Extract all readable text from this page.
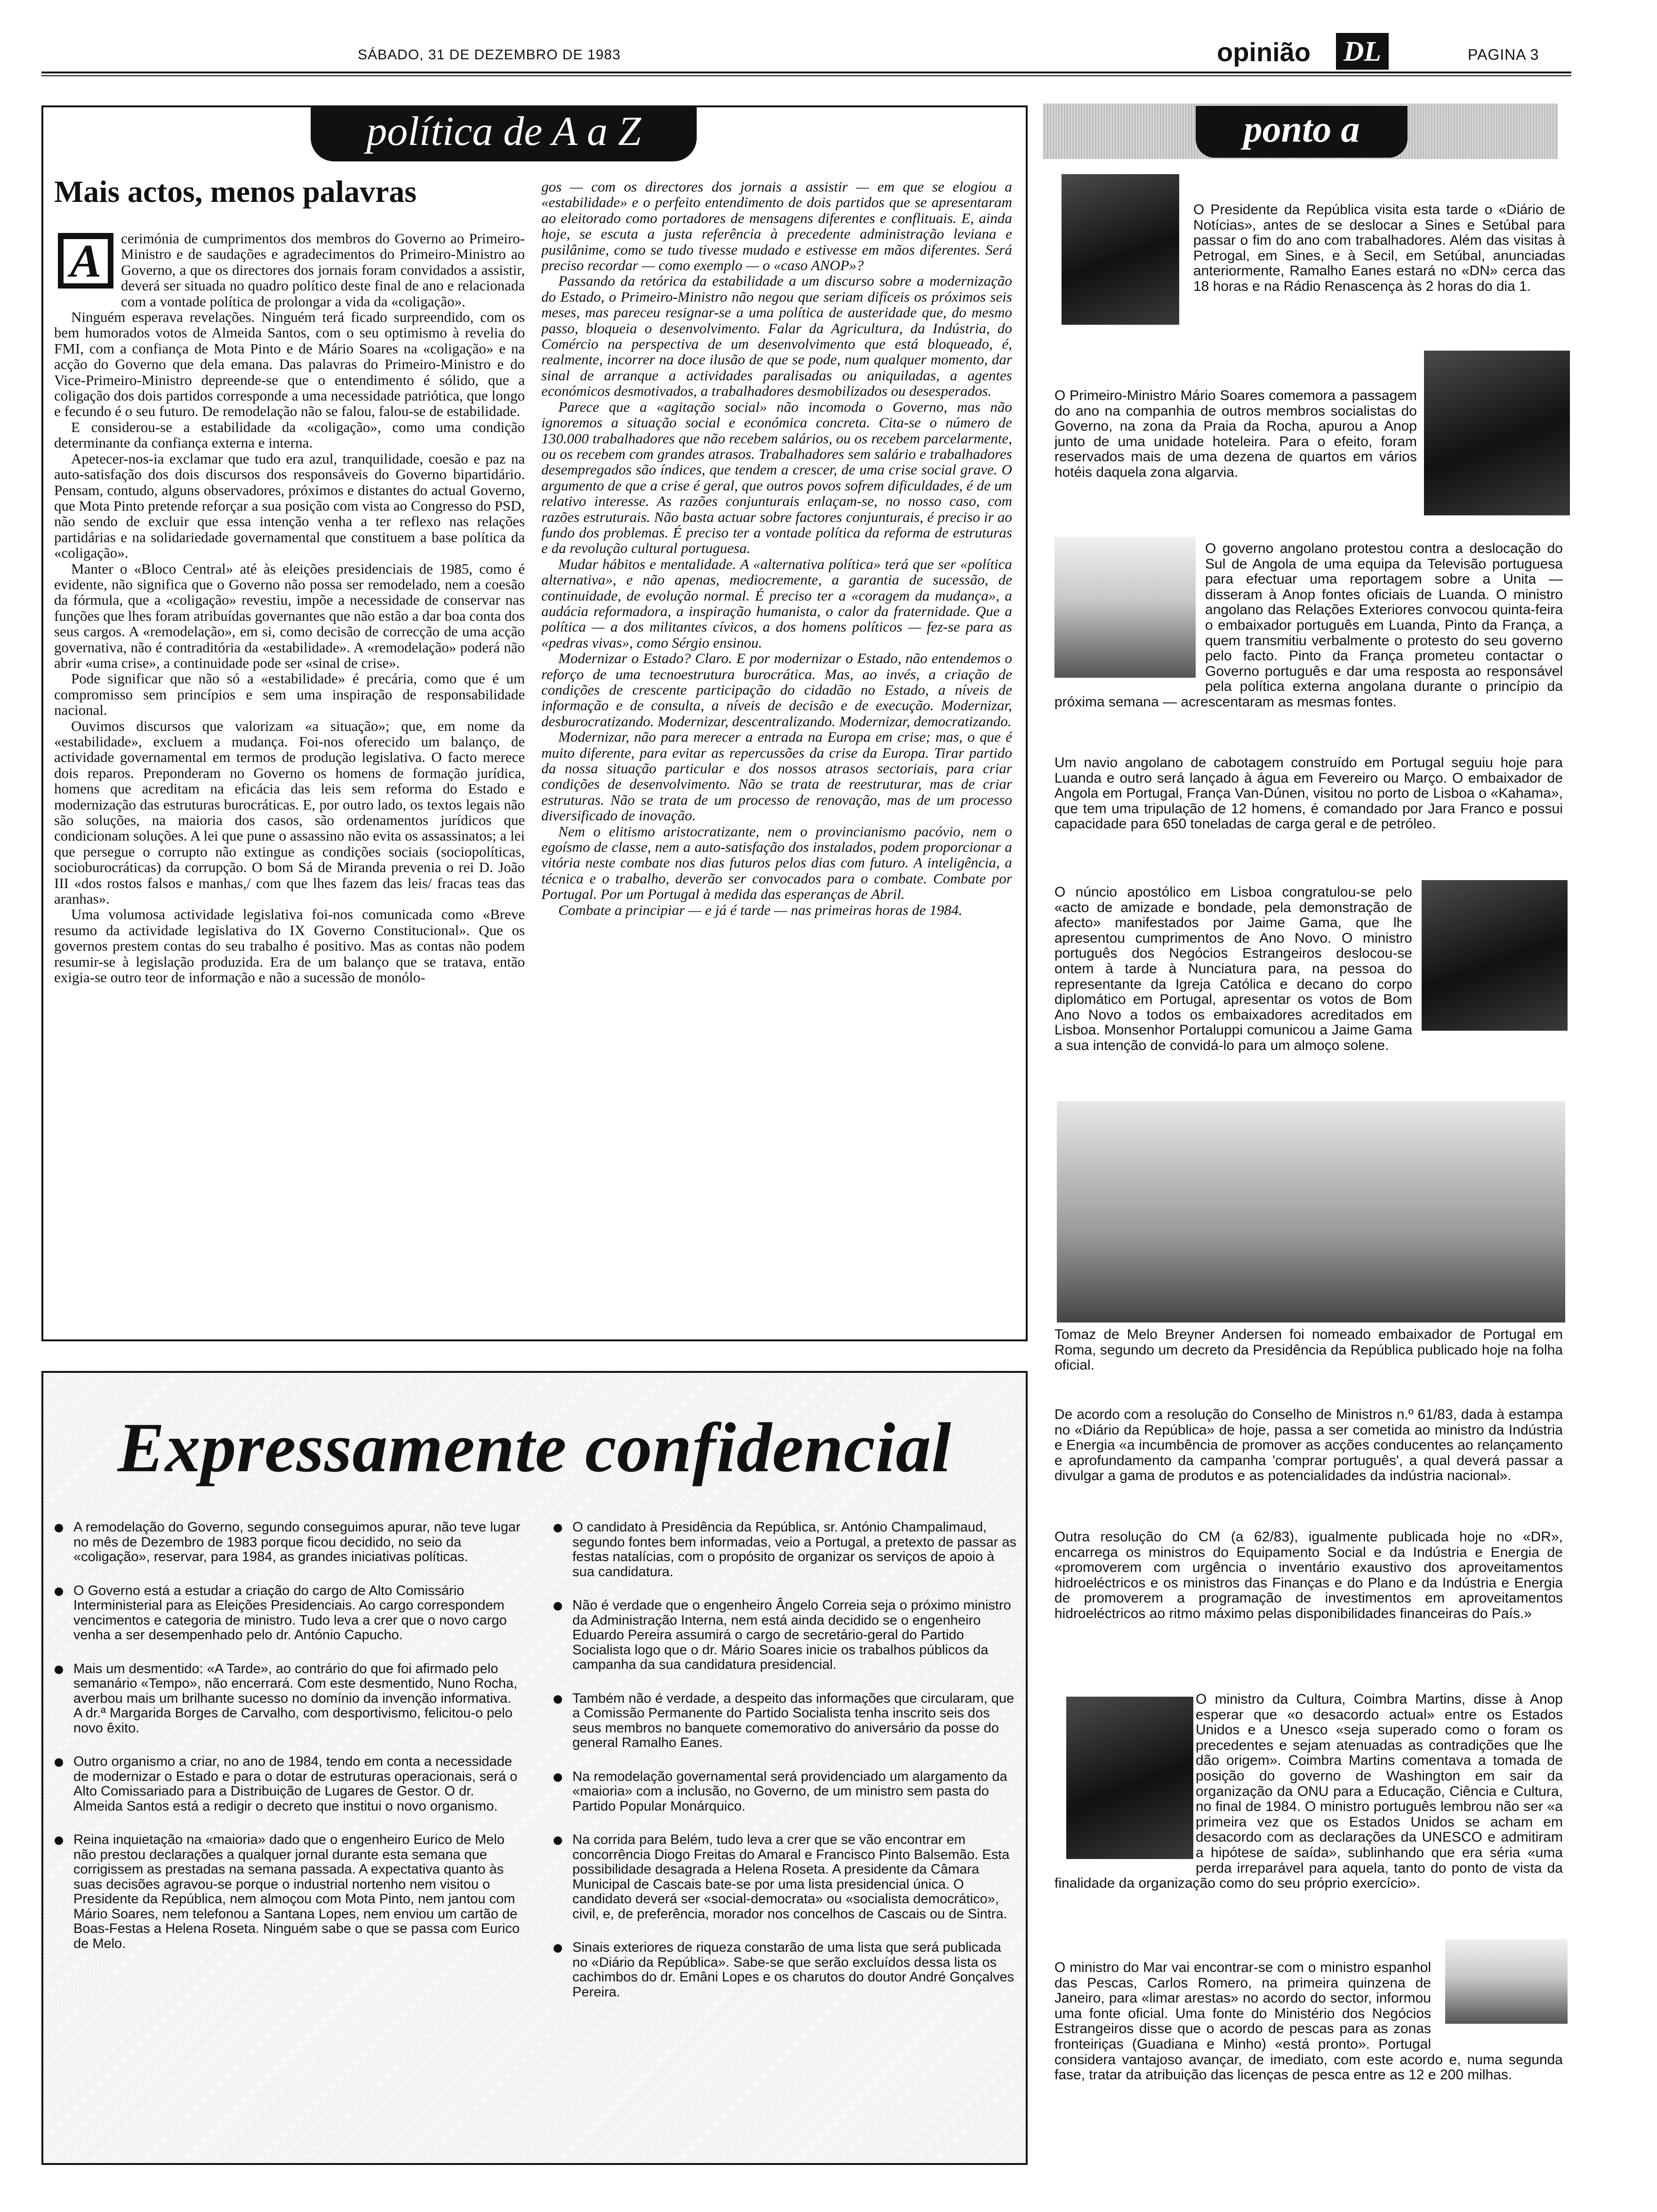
SÁBADO, 31 DE DEZEMBRO DE 1983	opinião DL	PAGINA 3
política de A a Z
Mais actos, menos palavras
A	cerimónia de cumprimentos dos membros do Governo ao Primeiro-Ministro e de saudações e agradecimentos do Primeiro-Ministro ao Governo, a que os directores dos jornais foram convidados a assistir, deverá ser situada no quadro político deste final de ano e relacionada com a vontade política de prolongar a vida da «coligação».

Ninguém esperava revelações. Ninguém terá ficado surpreendido, com os bem humorados votos de Almeida Santos, com o seu optimismo à revelia do FMI, com a confiança de Mota Pinto e de Mário Soares na «coligação» e na acção do Governo que dela emana. Das palavras do Primeiro-Ministro e do Vice-Primeiro-Ministro depreende-se que o entendimento é sólido, que a coligação dos dois partidos corresponde a uma necessidade patriótica, que longo e fecundo é o seu futuro. De remodelação não se falou, falou-se de estabilidade.

E considerou-se a estabilidade da «coligação», como uma condição determinante da confiança externa e interna.

Apetecer-nos-ia exclamar que tudo era azul, tranquilidade, coesão e paz na auto-satisfação dos dois discursos dos responsáveis do Governo bipartidário. Pensam, contudo, alguns observadores, próximos e distantes do actual Governo, que Mota Pinto pretende reforçar a sua posição com vista ao Congresso do PSD, não sendo de excluir que essa intenção venha a ter reflexo nas relações partidárias e na solidariedade governamental que constituem a base política da «coligação».

Manter o «Bloco Central» até às eleições presidenciais de 1985, como é evidente, não significa que o Governo não possa ser remodelado, nem a coesão da fórmula, que a «coligação» revestiu, impõe a necessidade de conservar nas funções que lhes foram atribuídas governantes que não estão a dar boa conta dos seus cargos. A «remodelação», em si, como decisão de correcção de uma acção governativa, não é contraditória da «estabilidade». A «remodelação» poderá não abrir «uma crise», a continuidade pode ser «sinal de crise».

Pode significar que não só a «estabilidade» é precária, como que é um compromisso sem princípios e sem uma inspiração de responsabilidade nacional.

Ouvimos discursos que valorizam «a situação»; que, em nome da «estabilidade», excluem a mudança. Foi-nos oferecido um balanço, de actividade governamental em termos de produção legislativa. O facto merece dois reparos. Preponderam no Governo os homens de formação jurídica, homens que acreditam na eficácia das leis sem reforma do Estado e modernização das estruturas burocráticas. E, por outro lado, os textos legais não são soluções, na maioria dos casos, são ordenamentos jurídicos que condicionam soluções. A lei que pune o assassino não evita os assassinatos; a lei que persegue o corrupto não extingue as condições sociais (sociopolíticas, socioburocráticas) da corrupção. O bom Sá de Miranda prevenia o rei D. João III «dos rostos falsos e manhas,/ com que lhes fazem das leis/ fracas teas das aranhas».

Uma volumosa actividade legislativa foi-nos comunicada como «Breve resumo da actividade legislativa do IX Governo Constitucional». Que os governos prestem contas do seu trabalho é positivo. Mas as contas não podem resumir-se à legislação produzida. Era de um balanço que se tratava, então exigia-se outro teor de informação e não a sucessão de monólo-

gos — com os directores dos jornais a assistir — em que se elogiou a «estabilidade» e o perfeito entendimento de dois partidos que se apresentaram ao eleitorado como portadores de mensagens diferentes e conflituais. E, ainda hoje, se escuta a justa referência à precedente administração leviana e pusilânime, como se tudo tivesse mudado e estivesse em mãos diferentes. Será preciso recordar — como exemplo — o «caso ANOP»?

Passando da retórica da estabilidade a um discurso sobre a modernização do Estado, o Primeiro-Ministro não negou que seriam difíceis os próximos seis meses, mas pareceu resignar-se a uma política de austeridade que, do mesmo passo, bloqueia o desenvolvimento. Falar da Agricultura, da Indústria, do Comércio na perspectiva de um desenvolvimento que está bloqueado, é, realmente, incorrer na doce ilusão de que se pode, num qualquer momento, dar sinal de arranque a actividades paralisadas ou aniquiladas, a agentes económicos desmotivados, a trabalhadores desmobilizados ou desesperados.

Parece que a «agitação social» não incomoda o Governo, mas não ignoremos a situação social e económica concreta. Cita-se o número de 130.000 trabalhadores que não recebem salários, ou os recebem parcelarmente, ou os recebem com grandes atrasos. Trabalhadores sem salário e trabalhadores desempregados são índices, que tendem a crescer, de uma crise social grave. O argumento de que a crise é geral, que outros povos sofrem dificuldades, é de um relativo interesse. As razões conjunturais enlaçam-se, no nosso caso, com razões estruturais. Não basta actuar sobre factores conjunturais, é preciso ir ao fundo dos problemas. É preciso ter a vontade política da reforma de estruturas e da revolução cultural portuguesa.

Mudar hábitos e mentalidade. A «alternativa política» terá que ser «política alternativa», e não apenas, mediocremente, a garantia de sucessão, de continuidade, de evolução normal. É preciso ter a «coragem da mudança», a audácia reformadora, a inspiração humanista, o calor da fraternidade. Que a política — a dos militantes cívicos, a dos homens políticos — fez-se para as «pedras vivas», como Sérgio ensinou.

Modernizar o Estado? Claro. E por modernizar o Estado, não entendemos o reforço de uma tecnoestrutura burocrática. Mas, ao invés, a criação de condições de crescente participação do cidadão no Estado, a níveis de informação e de consulta, a níveis de decisão e de execução. Modernizar, desburocratizando. Modernizar, descentralizando. Modernizar, democratizando.

Modernizar, não para merecer a entrada na Europa em crise; mas, o que é muito diferente, para evitar as repercussões da crise da Europa. Tirar partido da nossa situação particular e dos nossos atrasos sectoriais, para criar condições de desenvolvimento. Não se trata de reestruturar, mas de criar estruturas. Não se trata de um processo de renovação, mas de um processo diversificado de inovação.

Nem o elitismo aristocratizante, nem o provincianismo pacóvio, nem o egoísmo de classe, nem a auto-satisfação dos instalados, podem proporcionar a vitória neste combate nos dias futuros pelos dias com futuro. A inteligência, a técnica e o trabalho, deverão ser convocados para o combate. Combate por Portugal. Por um Portugal à medida das esperanças de Abril.

Combate a principiar — e já é tarde — nas primeiras horas de 1984.

ponto a ponto

O Presidente da República visita esta tarde o «Diário de Notícias», antes de se deslocar a Sines e Setúbal para passar o fim do ano com trabalhadores. Além das visitas à Petrogal, em Sines, e à Secil, em Setúbal, anunciadas anteriormente, Ramalho Eanes estará no «DN» cerca das 18 horas e na Rádio Renascença às 2 horas do dia 1.

O Primeiro-Ministro Mário Soares comemora a passagem do ano na companhia de outros membros socialistas do Governo, na zona da Praia da Rocha, apurou a Anop junto de uma unidade hoteleira. Para o efeito, foram reservados mais de uma dezena de quartos em vários hotéis daquela zona algarvia.

O governo angolano protestou contra a deslocação do Sul de Angola de uma equipa da Televisão portuguesa para efectuar uma reportagem sobre a Unita — disseram à Anop fontes oficiais de Luanda. O ministro angolano das Relações Exteriores convocou quinta-feira o embaixador português em Luanda, Pinto da França, a quem transmitiu verbalmente o protesto do seu governo pelo facto. Pinto da França prometeu contactar o Governo português e dar uma resposta ao responsável pela política externa angolana durante o princípio da próxima semana — acrescentaram as mesmas fontes.

Um navio angolano de cabotagem construído em Portugal seguiu hoje para Luanda e outro será lançado à água em Fevereiro ou Março. O embaixador de Angola em Portugal, França Van-Dúnen, visitou no porto de Lisboa o «Kahama», que tem uma tripulação de 12 homens, é comandado por Jara Franco e possui capacidade para 650 toneladas de carga geral e de petróleo.

O núncio apostólico em Lisboa congratulou-se pelo «acto de amizade e bondade, pela demonstração de afecto» manifestados por Jaime Gama, que lhe apresentou cumprimentos de Ano Novo. O ministro português dos Negócios Estrangeiros deslocou-se ontem à tarde à Nunciatura para, na pessoa do representante da Igreja Católica e decano do corpo diplomático em Portugal, apresentar os votos de Bom Ano Novo a todos os embaixadores acreditados em Lisboa. Monsenhor Portaluppi comunicou a Jaime Gama a sua intenção de convidá-lo para um almoço solene.

Tomaz de Melo Breyner Andersen foi nomeado embaixador de Portugal em Roma, segundo um decreto da Presidência da República publicado hoje na folha oficial.

De acordo com a resolução do Conselho de Ministros n.º 61/83, dada à estampa no «Diário da República» de hoje, passa a ser cometida ao ministro da Indústria e Energia «a incumbência de promover as acções conducentes ao relançamento e aprofundamento da campanha 'comprar português', a qual deverá passar a divulgar a gama de produtos e as potencialidades da indústria nacional».

Outra resolução do CM (a 62/83), igualmente publicada hoje no «DR», encarrega os ministros do Equipamento Social e da Indústria e Energia de «promoverem com urgência o inventário exaustivo dos aproveitamentos hidroeléctricos e os ministros das Finanças e do Plano e da Indústria e Energia de promoverem a programação de investimentos em aproveitamentos hidroeléctricos ao ritmo máximo pelas disponibilidades financeiras do País.»

O ministro da Cultura, Coimbra Martins, disse à Anop esperar que «o desacordo actual» entre os Estados Unidos e a Unesco «seja superado como o foram os precedentes e sejam atenuadas as contradições que lhe dão origem». Coimbra Martins comentava a tomada de posição do governo de Washington em sair da organização da ONU para a Educação, Ciência e Cultura, no final de 1984. O ministro português lembrou não ser «a primeira vez que os Estados Unidos se acham em desacordo com as declarações da UNESCO e admitiram a hipótese de saída», sublinhando que era séria «uma perda irreparável para aquela, tanto do ponto de vista da finalidade da organização como do seu próprio exercício».

O ministro do Mar vai encontrar-se com o ministro espanhol das Pescas, Carlos Romero, na primeira quinzena de Janeiro, para «limar arestas» no acordo do sector, informou uma fonte oficial. Uma fonte do Ministério dos Negócios Estrangeiros disse que o acordo de pescas para as zonas fronteiriças (Guadiana e Minho) «está pronto». Portugal considera vantajoso avançar, de imediato, com este acordo e, numa segunda fase, tratar da atribuição das licenças de pesca entre as 12 e 200 milhas.

Expressamente confidencial
A remodelação do Governo, segundo conseguimos apurar, não teve lugar no mês de Dezembro de 1983 porque ficou decidido, no seio da «coligação», reservar, para 1984, as grandes iniciativas políticas.
O Governo está a estudar a criação do cargo de Alto Comissário Interministerial para as Eleições Presidenciais. Ao cargo correspondem vencimentos e categoria de ministro. Tudo leva a crer que o novo cargo venha a ser desempenhado pelo dr. António Capucho.
Mais um desmentido: «A Tarde», ao contrário do que foi afirmado pelo semanário «Tempo», não encerrará. Com este desmentido, Nuno Rocha, averbou mais um brilhante sucesso no domínio da invenção informativa. A dr.ª Margarida Borges de Carvalho, com desportivismo, felicitou-o pelo novo êxito.
Outro organismo a criar, no ano de 1984, tendo em conta a necessidade de modernizar o Estado e para o dotar de estruturas operacionais, será o Alto Comissariado para a Distribuição de Lugares de Gestor. O dr. Almeida Santos está a redigir o decreto que institui o novo organismo.
Reina inquietação na «maioria» dado que o engenheiro Eurico de Melo não prestou declarações a qualquer jornal durante esta semana que corrigissem as prestadas na semana passada. A expectativa quanto às suas decisões agravou-se porque o industrial nortenho nem visitou o Presidente da República, nem almoçou com Mota Pinto, nem jantou com Mário Soares, nem telefonou a Santana Lopes, nem enviou um cartão de Boas-Festas a Helena Roseta. Ninguém sabe o que se passa com Eurico de Melo.
O candidato à Presidência da República, sr. António Champalimaud, segundo fontes bem informadas, veio a Portugal, a pretexto de passar as festas natalícias, com o propósito de organizar os serviços de apoio à sua candidatura.
Não é verdade que o engenheiro Ângelo Correia seja o próximo ministro da Administração Interna, nem está ainda decidido se o engenheiro Eduardo Pereira assumirá o cargo de secretário-geral do Partido Socialista logo que o dr. Mário Soares inicie os trabalhos públicos da campanha da sua candidatura presidencial.
Também não é verdade, a despeito das informações que circularam, que a Comissão Permanente do Partido Socialista tenha inscrito seis dos seus membros no banquete comemorativo do aniversário da posse do general Ramalho Eanes.
Na remodelação governamental será providenciado um alargamento da «maioria» com a inclusão, no Governo, de um ministro sem pasta do Partido Popular Monárquico.
Na corrida para Belém, tudo leva a crer que se vão encontrar em concorrência Diogo Freitas do Amaral e Francisco Pinto Balsemão. Esta possibilidade desagrada a Helena Roseta. A presidente da Câmara Municipal de Cascais bate-se por uma lista presidencial única. O candidato deverá ser «social-democrata» ou «socialista democrático», civil, e, de preferência, morador nos concelhos de Cascais ou de Sintra.
Sinais exteriores de riqueza constarão de uma lista que será publicada no «Diário da República». Sabe-se que serão excluídos dessa lista os cachimbos do dr. Emâni Lopes e os charutos do doutor André Gonçalves Pereira.
